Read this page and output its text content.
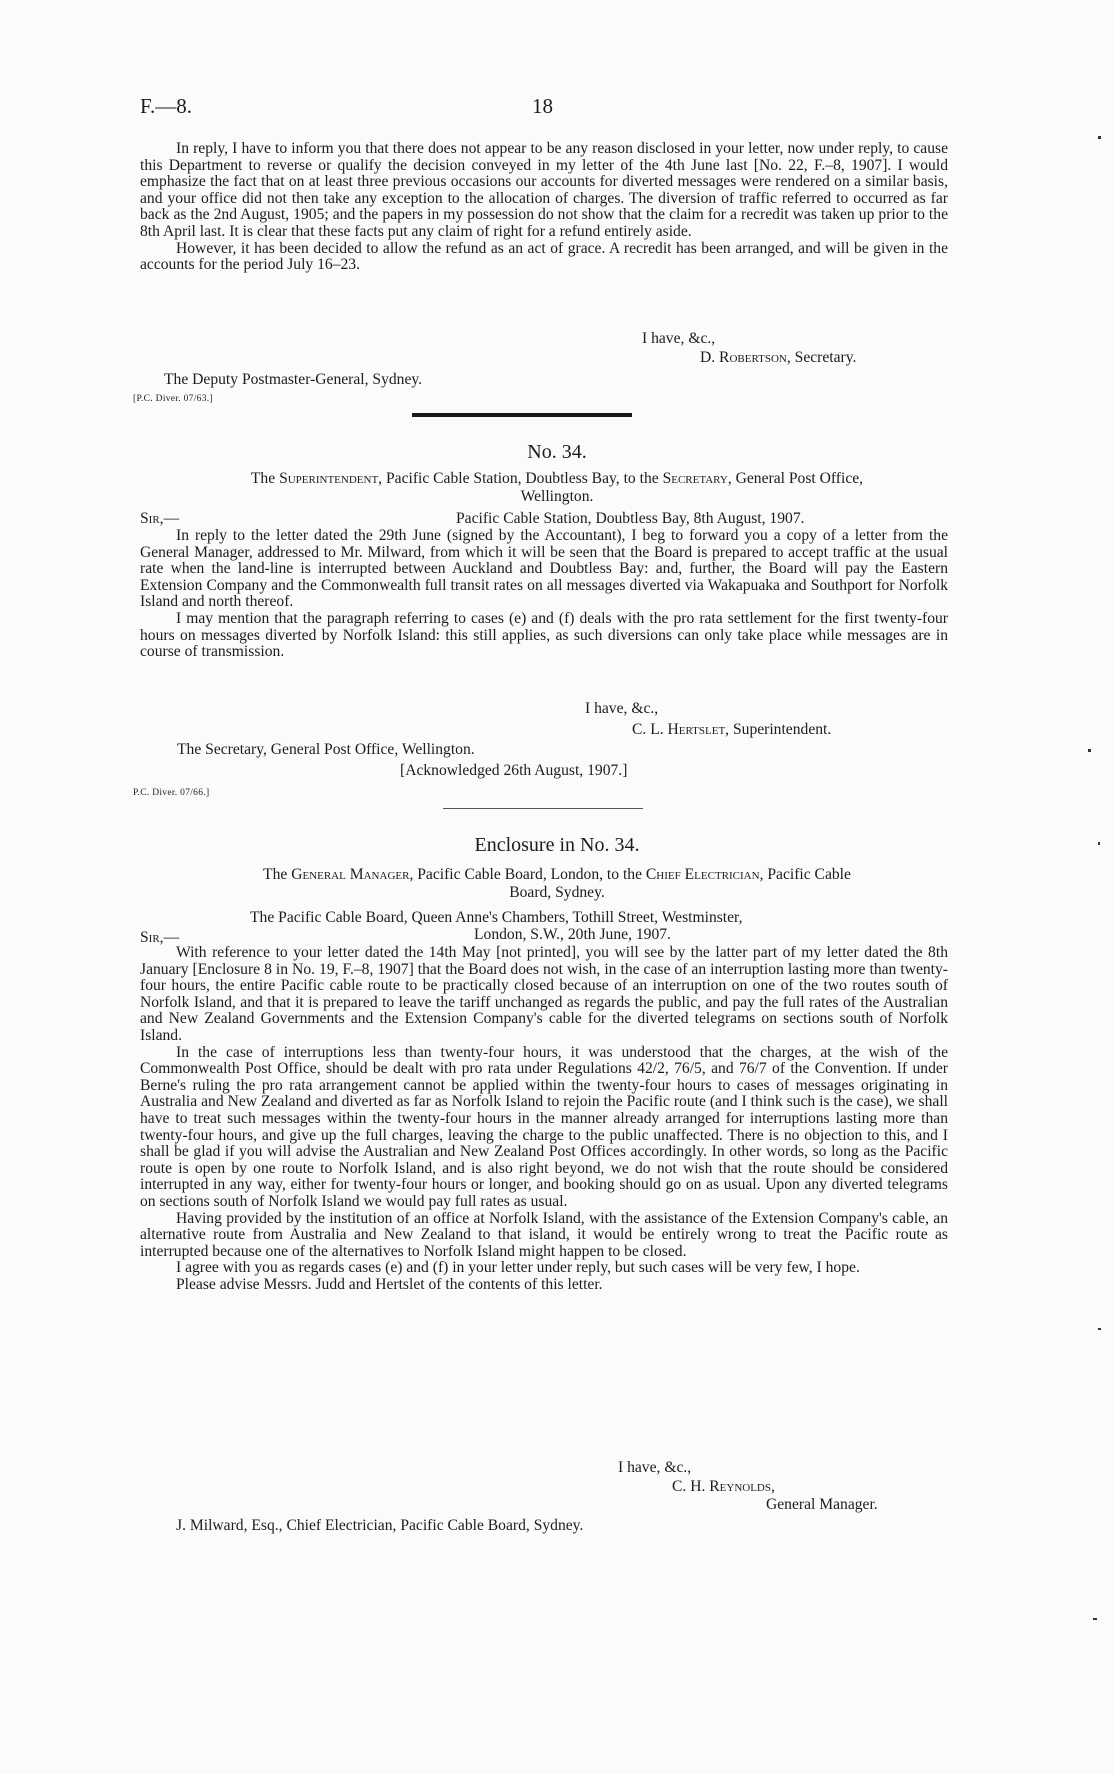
F.—8.	18

In reply, I have to inform you that there does not appear to be any reason disclosed in your letter, now under reply, to cause this Department to reverse or qualify the decision conveyed in my letter of the 4th June last [No. 22, F.–8, 1907]. I would emphasize the fact that on at least three previous occasions our accounts for diverted messages were rendered on a similar basis, and your office did not then take any exception to the allocation of charges. The diversion of traffic referred to occurred as far back as the 2nd August, 1905; and the papers in my possession do not show that the claim for a recredit was taken up prior to the 8th April last. It is clear that these facts put any claim of right for a refund entirely aside.

However, it has been decided to allow the refund as an act of grace. A recredit has been arranged, and will be given in the accounts for the period July 16–23.

I have, &c.,
D. Robertson, Secretary.
The Deputy Postmaster-General, Sydney.
[P.C. Diver. 07/63.]
No. 34.
The Superintendent, Pacific Cable Station, Doubtless Bay, to the Secretary, General Post Office,
Wellington.
Sir,—	Pacific Cable Station, Doubtless Bay, 8th August, 1907.

In reply to the letter dated the 29th June (signed by the Accountant), I beg to forward you a copy of a letter from the General Manager, addressed to Mr. Milward, from which it will be seen that the Board is prepared to accept traffic at the usual rate when the land-line is interrupted between Auckland and Doubtless Bay: and, further, the Board will pay the Eastern Extension Company and the Commonwealth full transit rates on all messages diverted via Wakapuaka and Southport for Norfolk Island and north thereof.

I may mention that the paragraph referring to cases (e) and (f) deals with the pro rata settlement for the first twenty-four hours on messages diverted by Norfolk Island: this still applies, as such diversions can only take place while messages are in course of transmission.

I have, &c.,
C. L. Hertslet, Superintendent.
The Secretary, General Post Office, Wellington.
[Acknowledged 26th August, 1907.]
P.C. Diver. 07/66.]
Enclosure in No. 34.
The General Manager, Pacific Cable Board, London, to the Chief Electrician, Pacific Cable
Board, Sydney.
The Pacific Cable Board, Queen Anne's Chambers, Tothill Street, Westminster,
Sir,—	London, S.W., 20th June, 1907.

With reference to your letter dated the 14th May [not printed], you will see by the latter part of my letter dated the 8th January [Enclosure 8 in No. 19, F.–8, 1907] that the Board does not wish, in the case of an interruption lasting more than twenty-four hours, the entire Pacific cable route to be practically closed because of an interruption on one of the two routes south of Norfolk Island, and that it is prepared to leave the tariff unchanged as regards the public, and pay the full rates of the Australian and New Zealand Governments and the Extension Company's cable for the diverted telegrams on sections south of Norfolk Island.

In the case of interruptions less than twenty-four hours, it was understood that the charges, at the wish of the Commonwealth Post Office, should be dealt with pro rata under Regulations 42/2, 76/5, and 76/7 of the Convention. If under Berne's ruling the pro rata arrangement cannot be applied within the twenty-four hours to cases of messages originating in Australia and New Zealand and diverted as far as Norfolk Island to rejoin the Pacific route (and I think such is the case), we shall have to treat such messages within the twenty-four hours in the manner already arranged for interruptions lasting more than twenty-four hours, and give up the full charges, leaving the charge to the public unaffected. There is no objection to this, and I shall be glad if you will advise the Australian and New Zealand Post Offices accordingly. In other words, so long as the Pacific route is open by one route to Norfolk Island, and is also right beyond, we do not wish that the route should be considered interrupted in any way, either for twenty-four hours or longer, and booking should go on as usual. Upon any diverted telegrams on sections south of Norfolk Island we would pay full rates as usual.

Having provided by the institution of an office at Norfolk Island, with the assistance of the Extension Company's cable, an alternative route from Australia and New Zealand to that island, it would be entirely wrong to treat the Pacific route as interrupted because one of the alternatives to Norfolk Island might happen to be closed.

I agree with you as regards cases (e) and (f) in your letter under reply, but such cases will be very few, I hope.

Please advise Messrs. Judd and Hertslet of the contents of this letter.

I have, &c.,
C. H. Reynolds,
General Manager.
J. Milward, Esq., Chief Electrician, Pacific Cable Board, Sydney.
